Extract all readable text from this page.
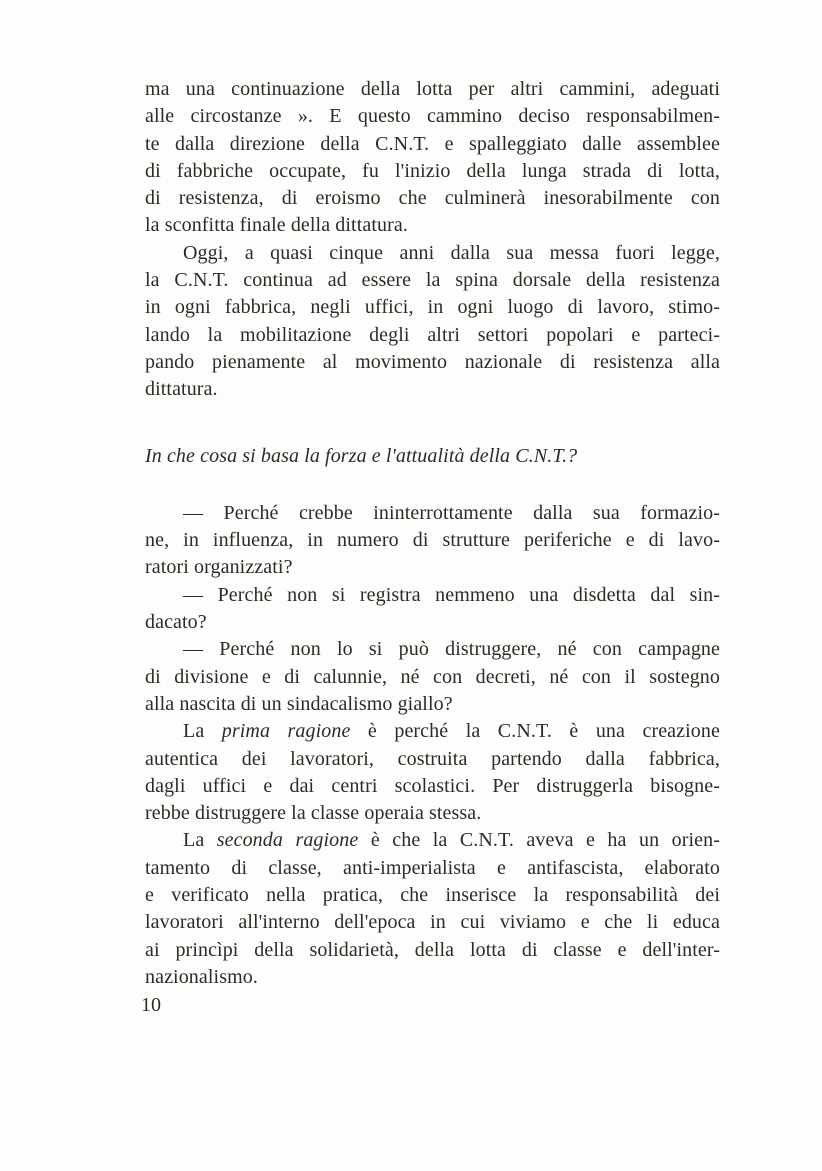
ma una continuazione della lotta per altri cammini, adeguati
alle circostanze ». E questo cammino deciso responsabilmen-
te dalla direzione della C.N.T. e spalleggiato dalle assemblee
di fabbriche occupate, fu l'inizio della lunga strada di lotta,
di resistenza, di eroismo che culminerà inesorabilmente con
la sconfitta finale della dittatura.
Oggi, a quasi cinque anni dalla sua messa fuori legge,
la C.N.T. continua ad essere la spina dorsale della resistenza
in ogni fabbrica, negli uffici, in ogni luogo di lavoro, stimo-
lando la mobilitazione degli altri settori popolari e parteci-
pando pienamente al movimento nazionale di resistenza alla
dittatura.
In che cosa si basa la forza e l'attualità della C.N.T.?
— Perché crebbe ininterrottamente dalla sua formazio-
ne, in influenza, in numero di strutture periferiche e di lavo-
ratori organizzati?
— Perché non si registra nemmeno una disdetta dal sin-
dacato?
— Perché non lo si può distruggere, né con campagne
di divisione e di calunnie, né con decreti, né con il sostegno
alla nascita di un sindacalismo giallo?
La prima ragione è perché la C.N.T. è una creazione
autentica dei lavoratori, costruita partendo dalla fabbrica,
dagli uffici e dai centri scolastici. Per distruggerla bisogne-
rebbe distruggere la classe operaia stessa.
La seconda ragione è che la C.N.T. aveva e ha un orien-
tamento di classe, anti-imperialista e antifascista, elaborato
e verificato nella pratica, che inserisce la responsabilità dei
lavoratori all'interno dell'epoca in cui viviamo e che li educa
ai princìpi della solidarietà, della lotta di classe e dell'inter-
nazionalismo.
10
